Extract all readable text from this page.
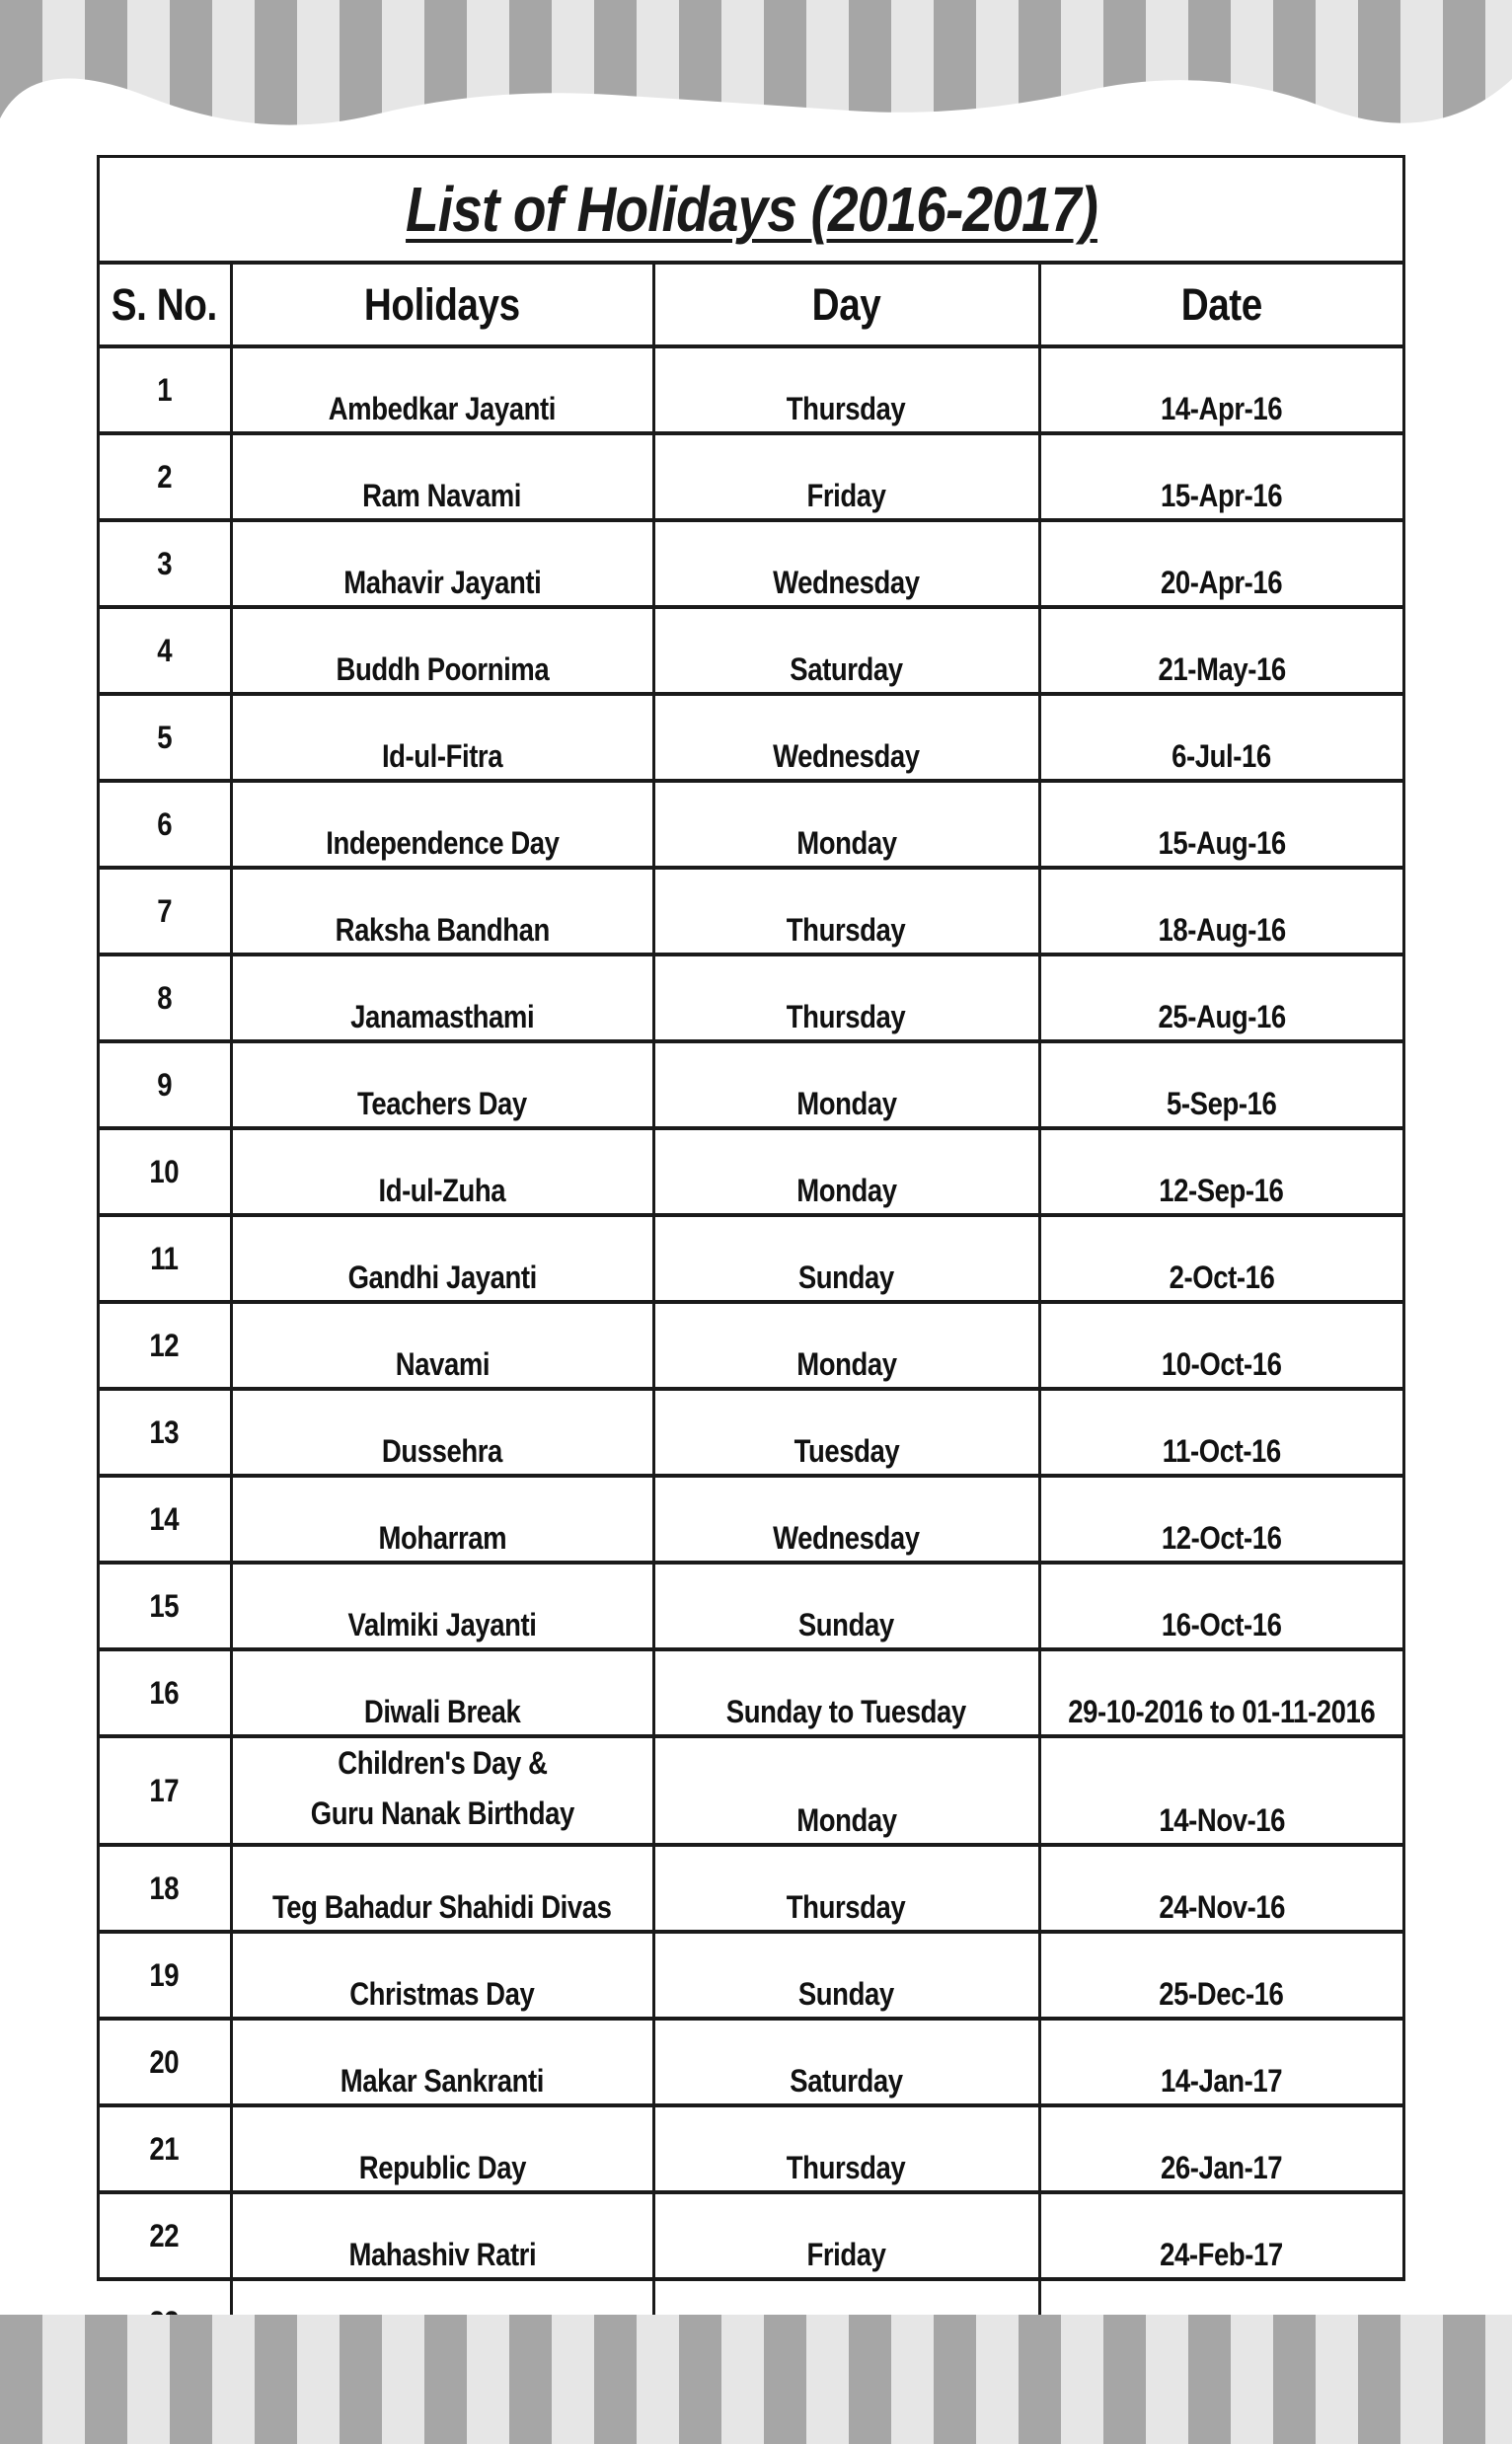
List of Holidays (2016-2017)
S. No.	Holidays	Day	Date
1	Ambedkar Jayanti	Thursday	14-Apr-16
2	Ram Navami	Friday	15-Apr-16
3	Mahavir Jayanti	Wednesday	20-Apr-16
4	Buddh Poornima	Saturday	21-May-16
5	Id-ul-Fitra	Wednesday	6-Jul-16
6	Independence Day	Monday	15-Aug-16
7	Raksha Bandhan	Thursday	18-Aug-16
8	Janamasthami	Thursday	25-Aug-16
9	Teachers Day	Monday	5-Sep-16
10	Id-ul-Zuha	Monday	12-Sep-16
11	Gandhi Jayanti	Sunday	2-Oct-16
12	Navami	Monday	10-Oct-16
13	Dussehra	Tuesday	11-Oct-16
14	Moharram	Wednesday	12-Oct-16
15	Valmiki Jayanti	Sunday	16-Oct-16
16	Diwali Break	Sunday to Tuesday	29-10-2016 to 01-11-2016
17	Children's Day &
Guru Nanak Birthday	Monday	14-Nov-16
18	Teg Bahadur Shahidi Divas	Thursday	24-Nov-16
19	Christmas Day	Sunday	25-Dec-16
20	Makar Sankranti	Saturday	14-Jan-17
21	Republic Day	Thursday	26-Jan-17
22	Mahashiv Ratri	Friday	24-Feb-17
